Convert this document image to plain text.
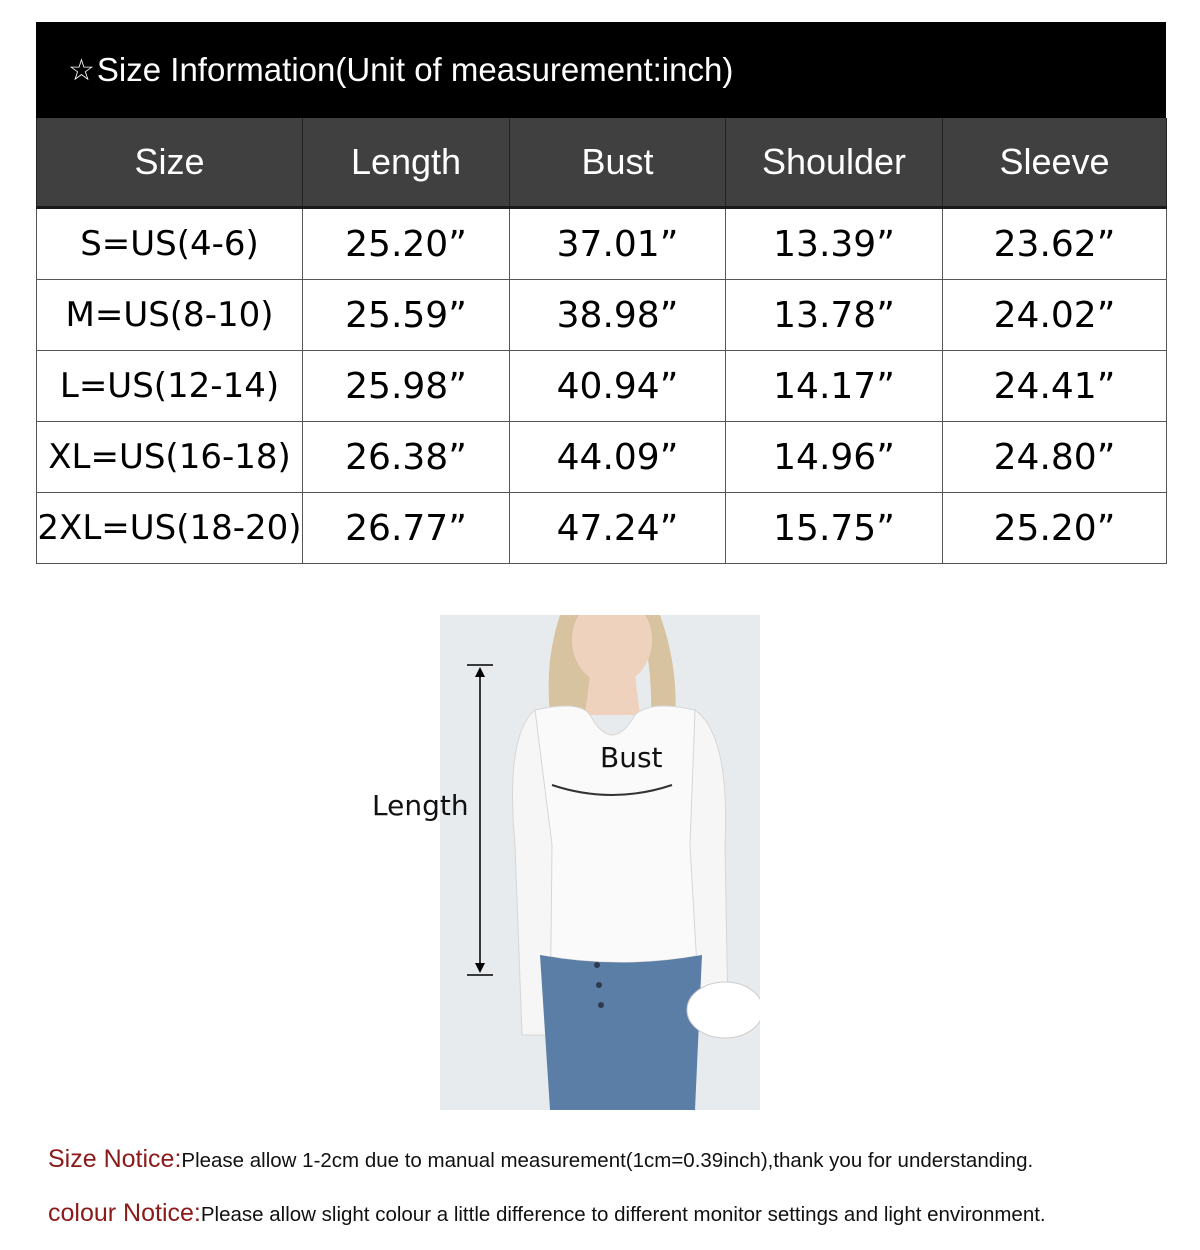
☆ Size Information(Unit of measurement:inch)
Size	Length	Bust	Shoulder	Sleeve
S=US(4-6)	25.20”	37.01”	13.39”	23.62”
M=US(8-10)	25.59”	38.98”	13.78”	24.02”
L=US(12-14)	25.98”	40.94”	14.17”	24.41”
XL=US(16-18)	26.38”	44.09”	14.96”	24.80”
2XL=US(18-20)	26.77”	47.24”	15.75”	25.20”
Bust
Length
Size Notice:Please allow 1-2cm due to manual measurement(1cm=0.39inch),thank you for understanding.
colour Notice:Please allow slight colour a little difference to different monitor settings and light environment.
